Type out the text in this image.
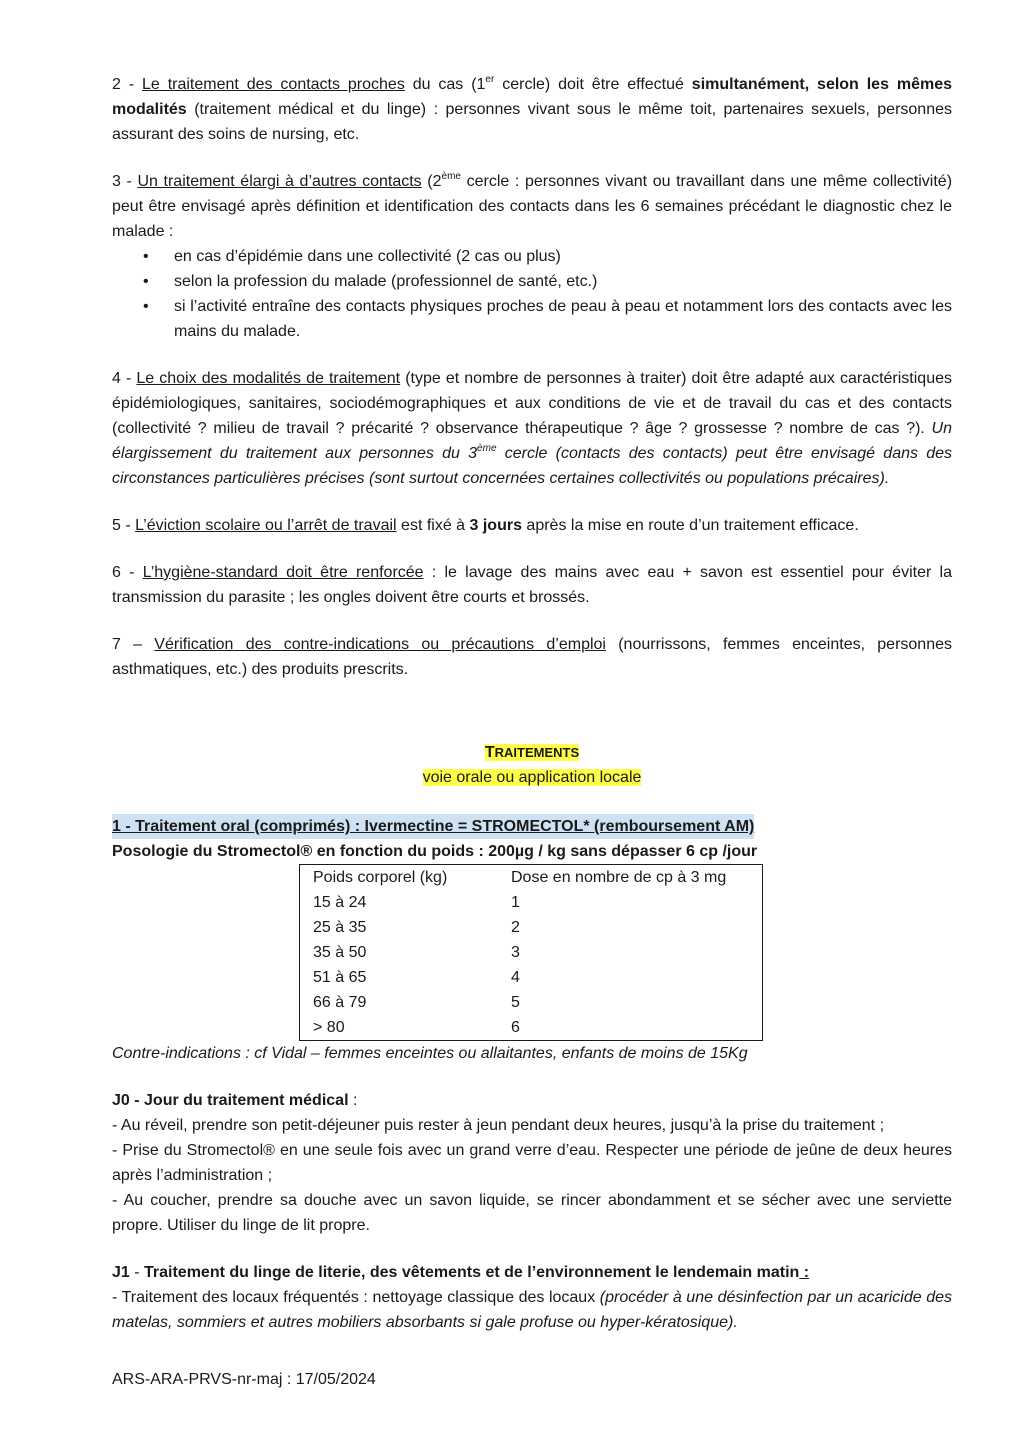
2 - Le traitement des contacts proches du cas (1er cercle) doit être effectué simultanément, selon les mêmes modalités (traitement médical et du linge) : personnes vivant sous le même toit, partenaires sexuels, personnes assurant des soins de nursing, etc.

3 - Un traitement élargi à d’autres contacts (2ème cercle : personnes vivant ou travaillant dans une même collectivité) peut être envisagé après définition et identification des contacts dans les 6 semaines précédant le diagnostic chez le malade :

• en cas d’épidémie dans une collectivité (2 cas ou plus)
• selon la profession du malade (professionnel de santé, etc.)
• si l’activité entraîne des contacts physiques proches de peau à peau et notamment lors des contacts avec les mains du malade.

4 - Le choix des modalités de traitement (type et nombre de personnes à traiter) doit être adapté aux caractéristiques épidémiologiques, sanitaires, sociodémographiques et aux conditions de vie et de travail du cas et des contacts (collectivité ? milieu de travail ? précarité ? observance thérapeutique ? âge ? grossesse ? nombre de cas ?). Un élargissement du traitement aux personnes du 3ème cercle (contacts des contacts) peut être envisagé dans des circonstances particulières précises (sont surtout concernées certaines collectivités ou populations précaires).

5 - L’éviction scolaire ou l’arrêt de travail est fixé à 3 jours après la mise en route d’un traitement efficace.

6 - L’hygiène-standard doit être renforcée : le lavage des mains avec eau + savon est essentiel pour éviter la transmission du parasite ; les ongles doivent être courts et brossés.

7 – Vérification des contre-indications ou précautions d’emploi (nourrissons, femmes enceintes, personnes asthmatiques, etc.) des produits prescrits.

TRAITEMENTS

voie orale ou application locale

1 - Traitement oral (comprimés) : Ivermectine = STROMECTOL* (remboursement AM)

Posologie du Stromectol® en fonction du poids : 200µg / kg sans dépasser 6 cp /jour

Poids corporel (kg)	Dose en nombre de cp à 3 mg
15 à 24	1
25 à 35	2
35 à 50	3
51 à 65	4
66 à 79	5
> 80	6

Contre-indications : cf Vidal – femmes enceintes ou allaitantes, enfants de moins de 15Kg

J0 - Jour du traitement médical :

- Au réveil, prendre son petit-déjeuner puis rester à jeun pendant deux heures, jusqu’à la prise du traitement ;

- Prise du Stromectol® en une seule fois avec un grand verre d’eau. Respecter une période de jeûne de deux heures après l’administration ;

- Au coucher, prendre sa douche avec un savon liquide, se rincer abondamment et se sécher avec une serviette propre. Utiliser du linge de lit propre.

J1 - Traitement du linge de literie, des vêtements et de l’environnement le lendemain matin :

- Traitement des locaux fréquentés : nettoyage classique des locaux (procéder à une désinfection par un acaricide des matelas, sommiers et autres mobiliers absorbants si gale profuse ou hyper-kératosique).

ARS-ARA-PRVS-nr-maj : 17/05/2024
